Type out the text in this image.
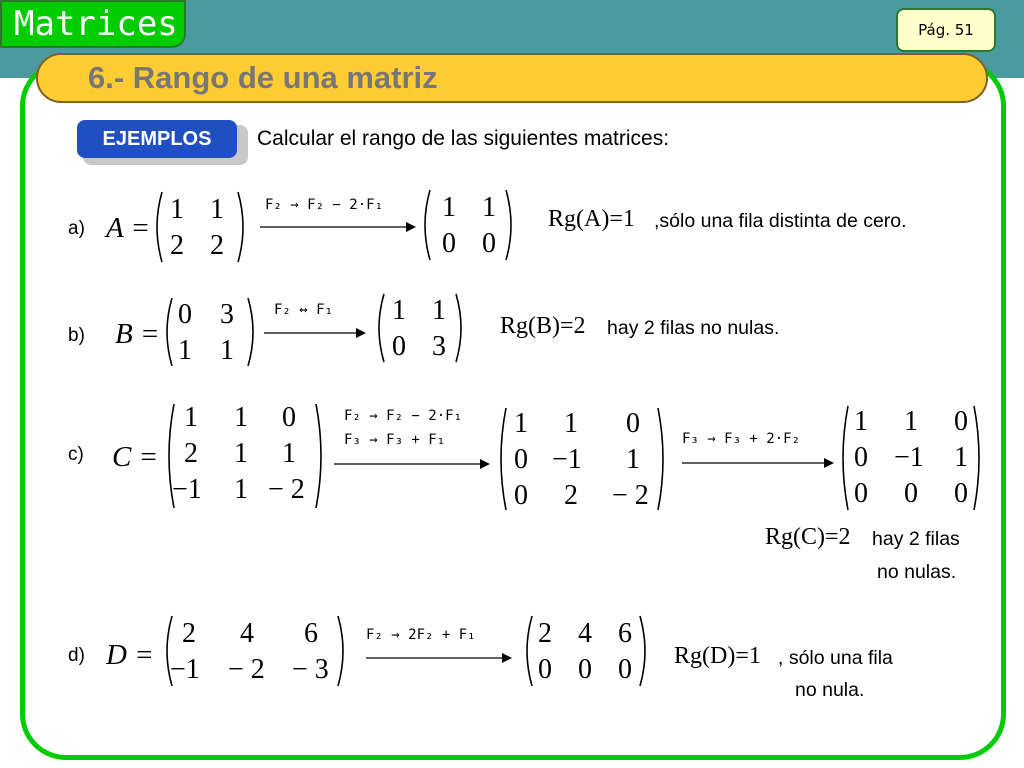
Matrices	Pág. 51
6.- Rango de una matriz
EJEMPLOS	Calcular el rango de las siguientes matrices:
a) A =
1 1
2 2
F₂ → F₂ − 2·F₁ 1 1
0 0
Rg(A)=1 ,sólo una fila distinta de cero.
b) B =
0 3
1 1
F₂ ↔ F₁ 1 1
0 3
Rg(B)=2 hay 2 filas no nulas.
c) C =
1 1 0
2 1 1
−1 1 − 2
F₂ → F₂ − 2·F₁
F₃ → F₃ + F₁
1 1 0
0 −1 1
0 2 − 2
F₃ → F₃ + 2·F₂
1 1 0
0 −1 1
0 0 0
Rg(C)=2 hay 2 filas
no nulas.
d) D =
2 4 6
−1 − 2 − 3
F₂ → 2F₂ + F₁ 2 4 6
0 0 0 Rg(D)=1 , sólo una fila
no nula.
